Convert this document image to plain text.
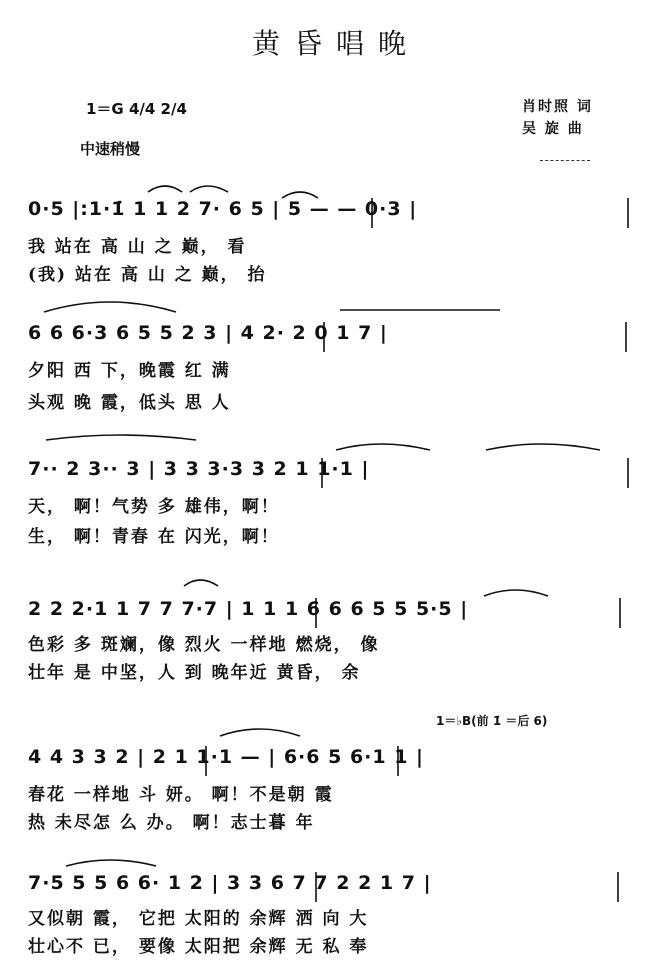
黄昏唱晚
1＝G 4/4 2/4
中速稍慢
肖时照 词
吴 旋 曲
0·5 |:1·1̇ 1 1 2 7· 6 5 | 5 — — 0·3 |
我 站在 高 山 之 巅， 看
(我) 站在 高 山 之 巅， 抬
6 6 6·3 6 5 5 2 3 | 4 2· 2 0 1 7 |
夕阳 西 下，晚霞 红 满
头观 晚 霞，低头 思 人
7·· 2 3·· 3 | 3 3 3·3 3 2 1 1·1 |
天， 啊！气势 多 雄伟，啊！
生， 啊！青春 在 闪光，啊！
2 2 2·1 1 7 7 7·7 | 1 1 1 6 6 6 5 5 5·5 |
色彩 多 斑斓，像 烈火 一样地 燃烧， 像
壮年 是 中坚，人 到 晚年近 黄昏， 余
1＝♭B(前 1̇ ＝后 6)
4 4 3 3 2 | 2 1 1·1 — | 6·6 5 6·1 1 |
春花 一样地 斗 妍。 啊！不是朝 霞
热 未尽怎 么 办。 啊！志士暮 年
7·5 5 5 6 6· 1 2 | 3 3 6 7 7 2 2 1 7 |
又似朝 霞， 它把 太阳的 余辉 洒 向 大
壮心不 已， 要像 太阳把 余辉 无 私 奉
